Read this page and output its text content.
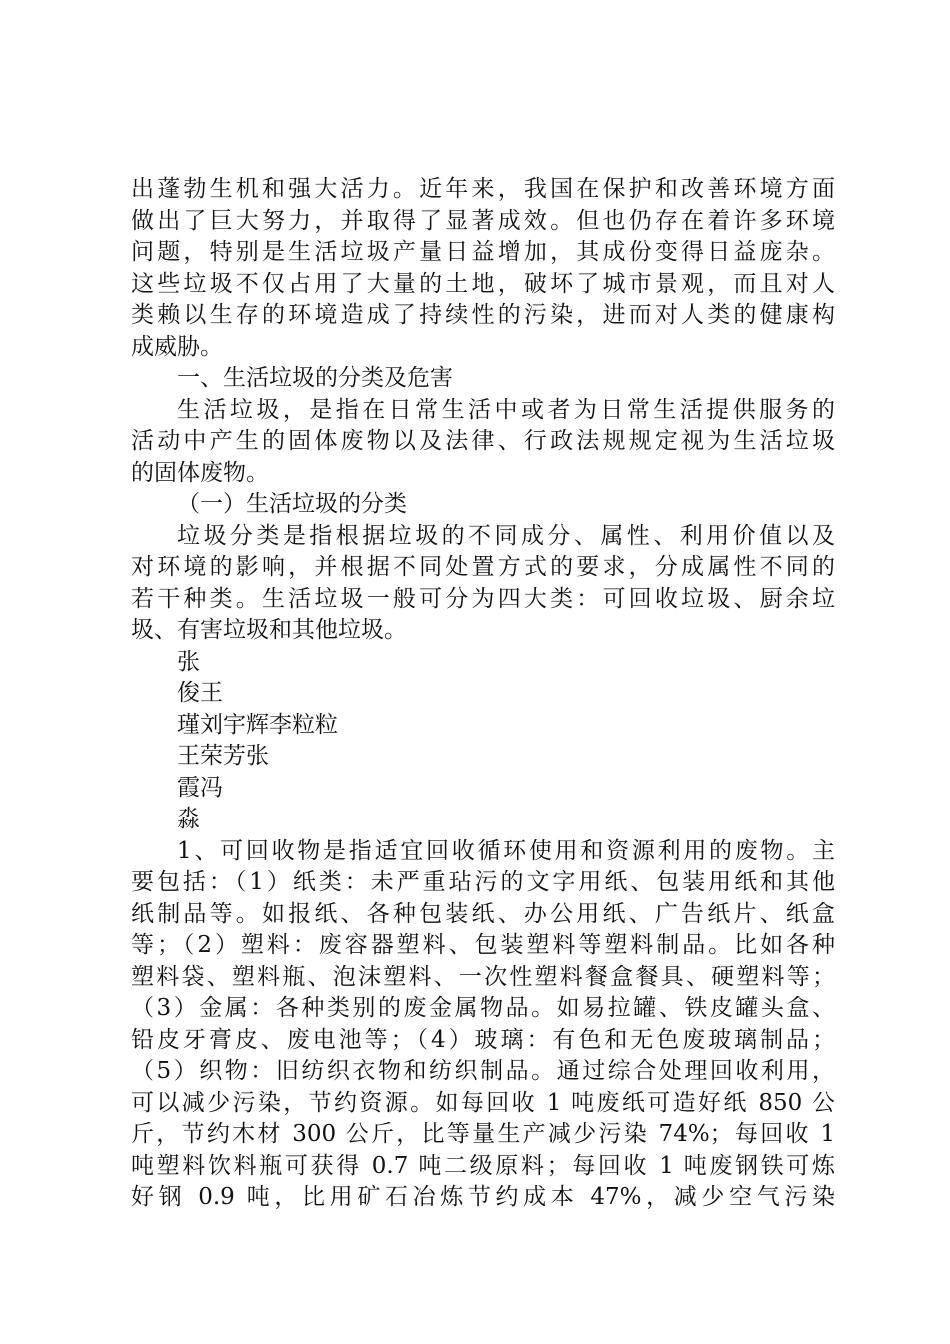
出蓬勃生机和强大活力。近年来，我国在保护和改善环境方面
做出了巨大努力，并取得了显著成效。但也仍存在着许多环境
问题，特别是生活垃圾产量日益增加，其成份变得日益庞杂。
这些垃圾不仅占用了大量的土地，破坏了城市景观，而且对人
类赖以生存的环境造成了持续性的污染，进而对人类的健康构
成威胁。
一、生活垃圾的分类及危害
生活垃圾，是指在日常生活中或者为日常生活提供服务的
活动中产生的固体废物以及法律、行政法规规定视为生活垃圾
的固体废物。
（一）生活垃圾的分类
垃圾分类是指根据垃圾的不同成分、属性、利用价值以及
对环境的影响，并根据不同处置方式的要求，分成属性不同的
若干种类。生活垃圾一般可分为四大类：可回收垃圾、厨余垃
圾、有害垃圾和其他垃圾。
张
俊王
瑾刘宇辉李粒粒
王荣芳张
霞冯
淼
1、可回收物是指适宜回收循环使用和资源利用的废物。主
要包括：（1）纸类：未严重玷污的文字用纸、包装用纸和其他
纸制品等。如报纸、各种包装纸、办公用纸、广告纸片、纸盒
等；（2）塑料：废容器塑料、包装塑料等塑料制品。比如各种
塑料袋、塑料瓶、泡沫塑料、一次性塑料餐盒餐具、硬塑料等；
（3）金属：各种类别的废金属物品。如易拉罐、铁皮罐头盒、
铅皮牙膏皮、废电池等；（4）玻璃：有色和无色废玻璃制品；
（5）织物：旧纺织衣物和纺织制品。通过综合处理回收利用，
可以减少污染，节约资源。如每回收 1 吨废纸可造好纸 850 公
斤，节约木材 300 公斤，比等量生产减少污染 74%；每回收 1
吨塑料饮料瓶可获得 0.7 吨二级原料；每回收 1 吨废钢铁可炼
好钢 0.9 吨，比用矿石冶炼节约成本 47%，减少空气污染
